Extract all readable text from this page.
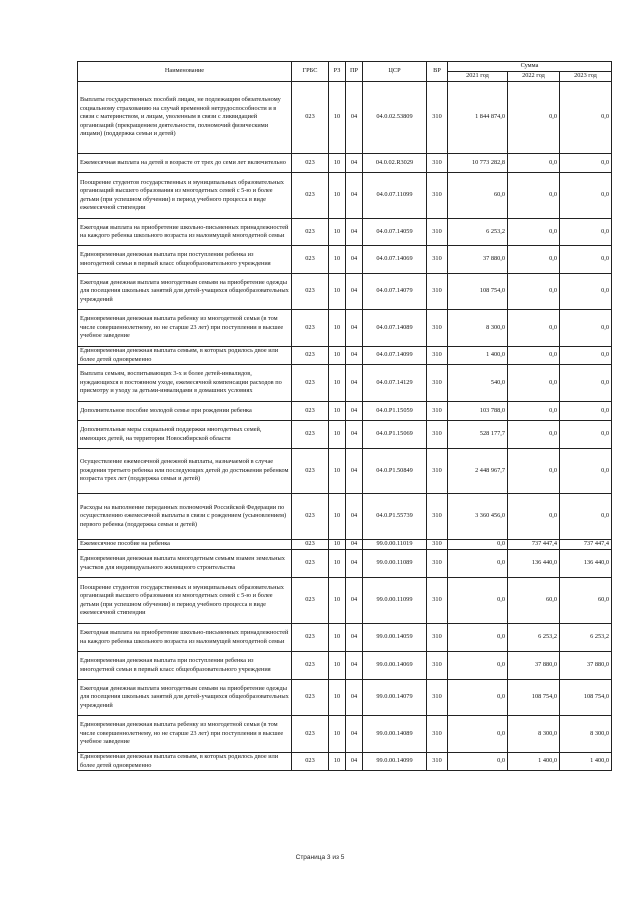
Наименование	ГРБС	РЗ	ПР	ЦСР	ВР	Сумма		
						2021 год	2022 год	2023 год
Выплаты государственных пособий лицам, не подлежащим обязательному социальному страхованию на случай временной нетрудоспособности и в связи с материнством, и лицам, уволенным в связи с ликвидацией организаций (прекращением деятельности, полномочий физическими лицами) (поддержка семьи и детей)	023	10	04	04.0.02.53809	310	1 844 874,0	0,0	0,0
Ежемесячная выплата на детей в возрасте от трех до семи лет включительно	023	10	04	04.0.02.R3029	310	10 773 282,8	0,0	0,0
Поощрение студентов государственных и муниципальных образовательных организаций высшего образования из многодетных семей с 5-ю и более детьми (при успешном обучении) в период учебного процесса в виде ежемесячной стипендии	023	10	04	04.0.07.11099	310	60,0	0,0	0,0
Ежегодная выплата на приобретение школьно-письменных принадлежностей на каждого ребенка школьного возраста из малоимущей многодетной семьи	023	10	04	04.0.07.14059	310	6 253,2	0,0	0,0
Единовременная денежная выплата при поступлении ребенка из многодетной семьи в первый класс общеобразовательного учреждения	023	10	04	04.0.07.14069	310	37 880,0	0,0	0,0
Ежегодная денежная выплата многодетным семьям на приобретение одежды для посещения школьных занятий для детей-учащихся общеобразовательных учреждений	023	10	04	04.0.07.14079	310	108 754,0	0,0	0,0
Единовременная денежная выплата ребенку из многодетной семьи (в том числе совершеннолетнему, но не старше 23 лет) при поступлении в высшее учебное заведение	023	10	04	04.0.07.14089	310	8 300,0	0,0	0,0
Единовременная денежная выплата семьям, в которых родилось двое или более детей одновременно	023	10	04	04.0.07.14099	310	1 400,0	0,0	0,0
Выплата семьям, воспитывающих 3-х и более детей-инвалидов, нуждающихся в постоянном уходе, ежемесячной компенсации расходов по присмотру и уходу за детьми-инвалидами в домашних условиях	023	10	04	04.0.07.14129	310	540,0	0,0	0,0
Дополнительное пособие молодой семье при рождении ребенка	023	10	04	04.0.P1.15059	310	103 788,0	0,0	0,0
Дополнительные меры социальной поддержки многодетных семей, имеющих детей, на территории Новосибирской области	023	10	04	04.0.P1.15069	310	528 177,7	0,0	0,0
Осуществление ежемесячной денежной выплаты, назначаемой в случае рождения третьего ребенка или последующих детей до достижения ребенком возраста трех лет (поддержка семьи и детей)	023	10	04	04.0.P1.50849	310	2 448 967,7	0,0	0,0
Расходы на выполнение переданных полномочий Российской Федерации по осуществлению ежемесячной выплаты в связи с рождением (усыновлением) первого ребенка (поддержка семьи и детей)	023	10	04	04.0.P1.55739	310	3 360 456,0	0,0	0,0
Ежемесячное пособие на ребенка	023	10	04	99.0.00.11019	310	0,0	737 447,4	737 447,4
Единовременная денежная выплата многодетным семьям взамен земельных участков для индивидуального жилищного строительства	023	10	04	99.0.00.11089	310	0,0	136 440,0	136 440,0
Поощрение студентов государственных и муниципальных образовательных организаций высшего образования из многодетных семей с 5-ю и более детьми (при успешном обучении) в период учебного процесса в виде ежемесячной стипендии	023	10	04	99.0.00.11099	310	0,0	60,0	60,0
Ежегодная выплата на приобретение школьно-письменных принадлежностей на каждого ребенка школьного возраста из малоимущей многодетной семьи	023	10	04	99.0.00.14059	310	0,0	6 253,2	6 253,2
Единовременная денежная выплата при поступлении ребенка из многодетной семьи в первый класс общеобразовательного учреждения	023	10	04	99.0.00.14069	310	0,0	37 880,0	37 880,0
Ежегодная денежная выплата многодетным семьям на приобретение одежды для посещения школьных занятий для детей-учащихся общеобразовательных учреждений	023	10	04	99.0.00.14079	310	0,0	108 754,0	108 754,0
Единовременная денежная выплата ребенку из многодетной семьи (в том числе совершеннолетнему, но не старше 23 лет) при поступлении в высшее учебное заведение	023	10	04	99.0.00.14089	310	0,0	8 300,0	8 300,0
Единовременная денежная выплата семьям, в которых родилось двое или более детей одновременно	023	10	04	99.0.00.14099	310	0,0	1 400,0	1 400,0
Страница 3 из 5
